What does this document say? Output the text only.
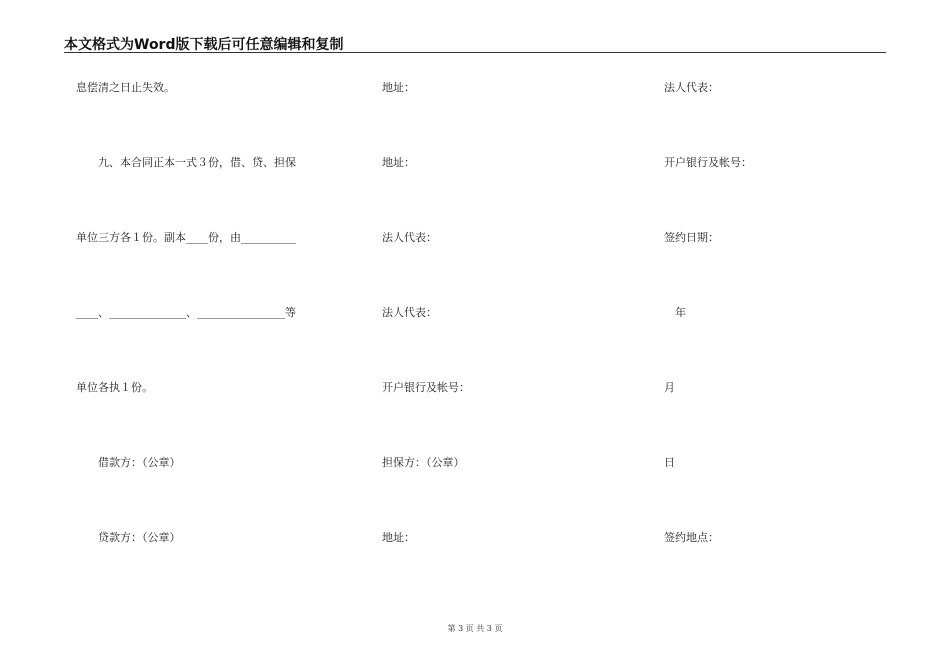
本文格式为Word版下载后可任意编辑和复制
息偿清之日止失效。
　　九、本合同正本一式３份，借、贷、担保
单位三方各１份。副本____份，由__________
____、______________、________________等
单位各执１份。
　　借款方：（公章）
　　贷款方：（公章）
地址：
地址：
法人代表：
法人代表：
开户银行及帐号：
担保方：（公章）
地址：
法人代表：
开户银行及帐号：
签约日期：
　年
月
日
签约地点：
第 3 页 共 3 页
